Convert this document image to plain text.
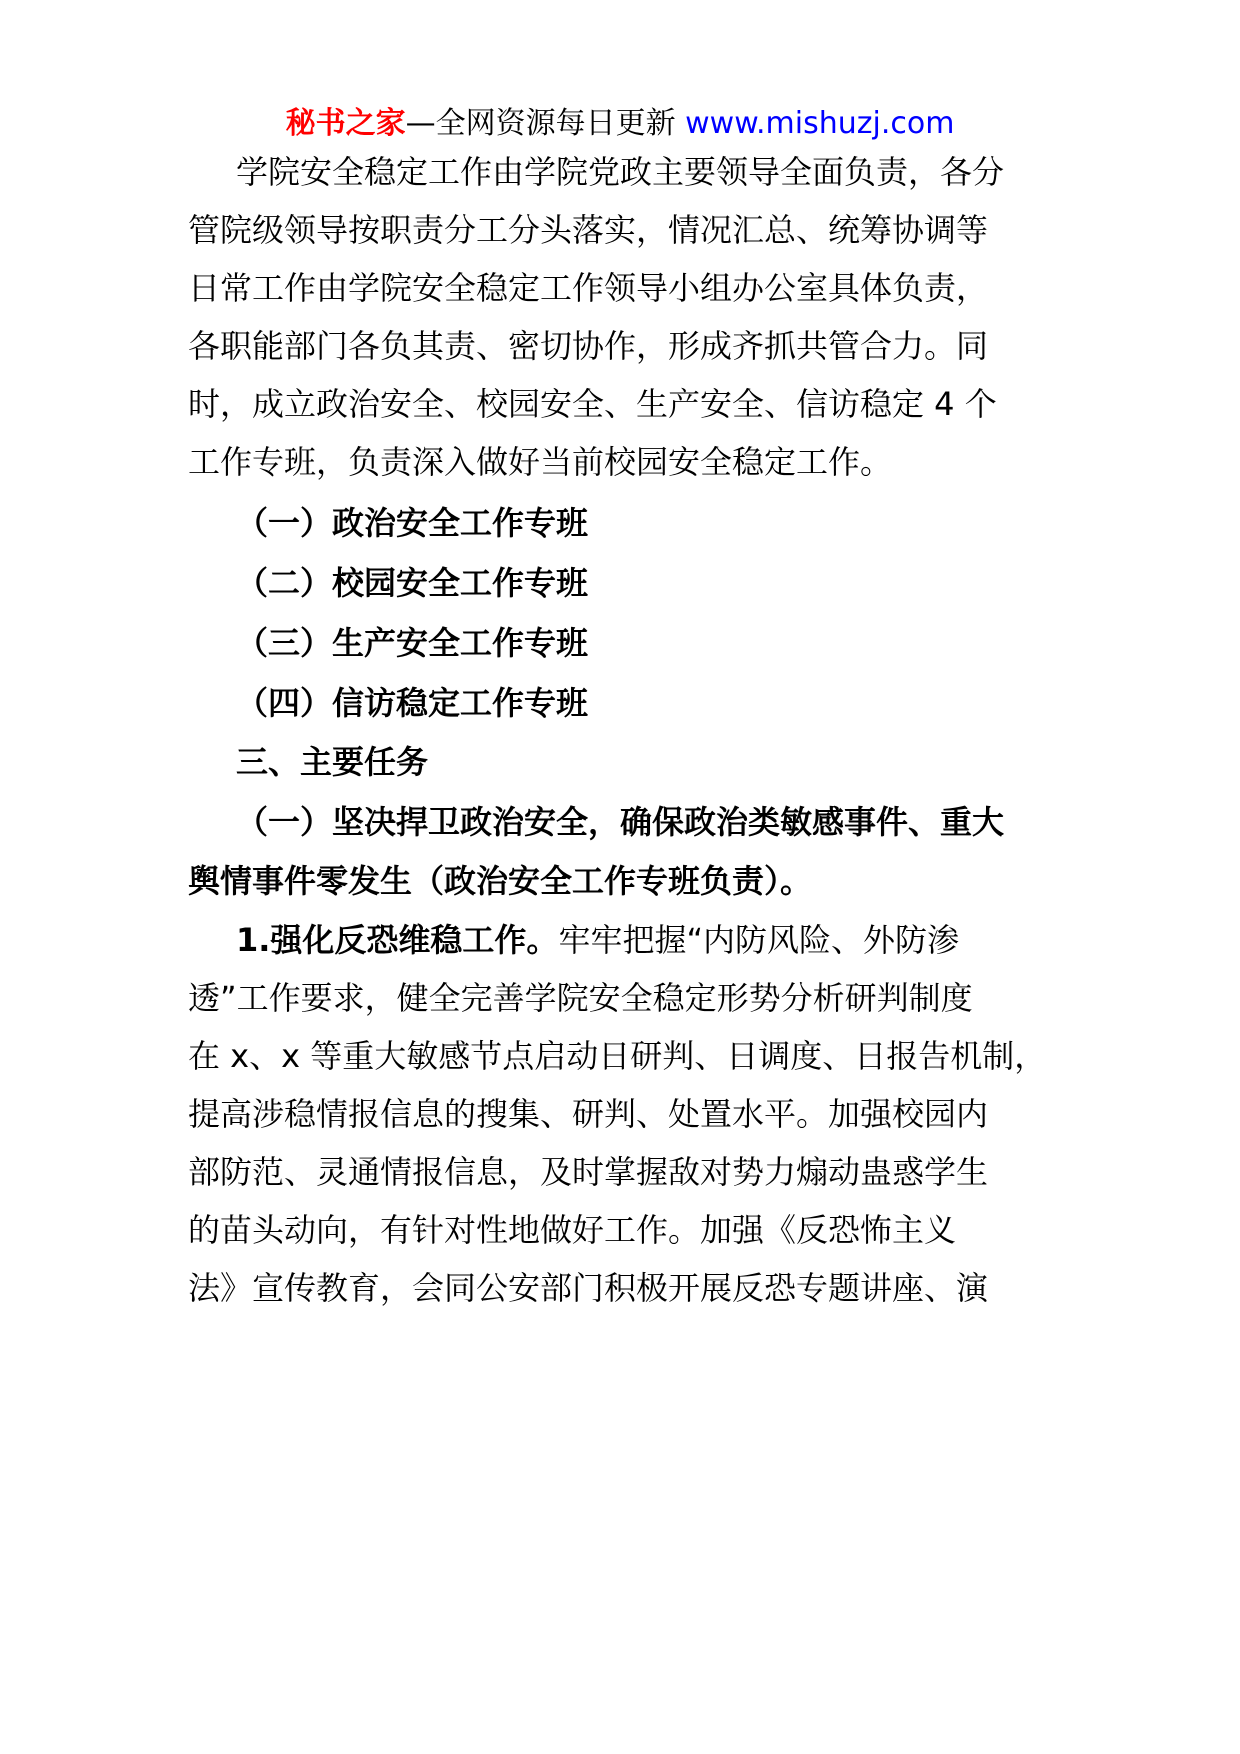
秘书之家—全网资源每日更新 www.mishuzj.com
学院安全稳定工作由学院党政主要领导全面负责，各分
管院级领导按职责分工分头落实，情况汇总、统筹协调等
日常工作由学院安全稳定工作领导小组办公室具体负责，
各职能部门各负其责、密切协作，形成齐抓共管合力。同
时，成立政治安全、校园安全、生产安全、信访稳定 4 个
工作专班，负责深入做好当前校园安全稳定工作。
（一）政治安全工作专班
（二）校园安全工作专班
（三）生产安全工作专班
（四）信访稳定工作专班
三、主要任务
（一）坚决捍卫政治安全，确保政治类敏感事件、重大
舆情事件零发生（政治安全工作专班负责）。
1.强化反恐维稳工作。牢牢把握“内防风险、外防渗
透”工作要求，健全完善学院安全稳定形势分析研判制度
在 x、x 等重大敏感节点启动日研判、日调度、日报告机制，
提高涉稳情报信息的搜集、研判、处置水平。加强校园内
部防范、灵通情报信息，及时掌握敌对势力煽动蛊惑学生
的苗头动向，有针对性地做好工作。加强《反恐怖主义
法》宣传教育，会同公安部门积极开展反恐专题讲座、演
